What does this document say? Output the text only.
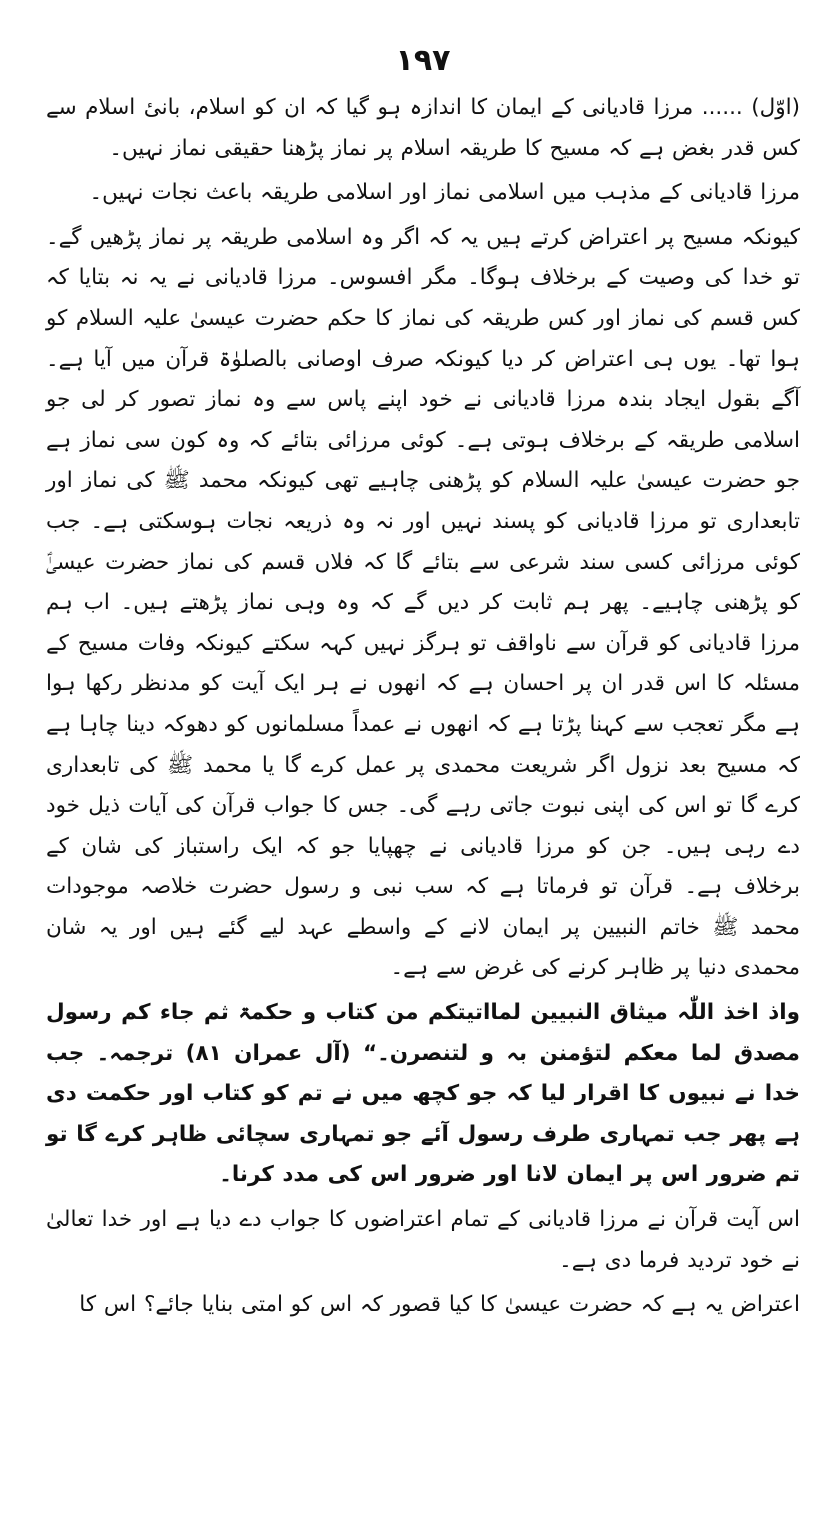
۱۹۷

(اوّل) ...... مرزا قادیانی کے ایمان کا اندازہ ہو گیا کہ ان کو اسلام، بانیٔ اسلام سے کس قدر بغض ہے کہ مسیح کا طریقہ اسلام پر نماز پڑھنا حقیقی نماز نہیں۔

مرزا قادیانی کے مذہب میں اسلامی نماز اور اسلامی طریقہ باعث نجات نہیں۔

کیونکہ مسیح پر اعتراض کرتے ہیں یہ کہ اگر وہ اسلامی طریقہ پر نماز پڑھیں گے۔ تو خدا کی وصیت کے برخلاف ہوگا۔ مگر افسوس۔ مرزا قادیانی نے یہ نہ بتایا کہ کس قسم کی نماز اور کس طریقہ کی نماز کا حکم حضرت عیسیٰ علیہ السلام کو ہوا تھا۔ یوں ہی اعتراض کر دیا کیونکہ صرف اوصانی بالصلوٰۃ قرآن میں آیا ہے۔ آگے بقول ایجاد بندہ مرزا قادیانی نے خود اپنے پاس سے وہ نماز تصور کر لی جو اسلامی طریقہ کے برخلاف ہوتی ہے۔ کوئی مرزائی بتائے کہ وہ کون سی نماز ہے جو حضرت عیسیٰ علیہ السلام کو پڑھنی چاہیے تھی کیونکہ محمد ﷺ کی نماز اور تابعداری تو مرزا قادیانی کو پسند نہیں اور نہ وہ ذریعہ نجات ہوسکتی ہے۔ جب کوئی مرزائی کسی سند شرعی سے بتائے گا کہ فلاں قسم کی نماز حضرت عیسیٰؑ کو پڑھنی چاہیے۔ پھر ہم ثابت کر دیں گے کہ وہ وہی نماز پڑھتے ہیں۔ اب ہم مرزا قادیانی کو قرآن سے ناواقف تو ہرگز نہیں کہہ سکتے کیونکہ وفات مسیح کے مسئلہ کا اس قدر ان پر احسان ہے کہ انھوں نے ہر ایک آیت کو مدنظر رکھا ہوا ہے مگر تعجب سے کہنا پڑتا ہے کہ انھوں نے عمداً مسلمانوں کو دھوکہ دینا چاہا ہے کہ مسیح بعد نزول اگر شریعت محمدی پر عمل کرے گا یا محمد ﷺ کی تابعداری کرے گا تو اس کی اپنی نبوت جاتی رہے گی۔ جس کا جواب قرآن کی آیات ذیل خود دے رہی ہیں۔ جن کو مرزا قادیانی نے چھپایا جو کہ ایک راستباز کی شان کے برخلاف ہے۔ قرآن تو فرماتا ہے کہ سب نبی و رسول حضرت خلاصہ موجودات محمد ﷺ خاتم النبیین پر ایمان لانے کے واسطے عہد لیے گئے ہیں اور یہ شان محمدی دنیا پر ظاہر کرنے کی غرض سے ہے۔

واذ اخذ اللّٰہ میثاق النبیین لمااتیتکم من کتاب و حکمۃ ثم جاء کم رسول مصدق لما معکم لتؤمنن بہ و لتنصرن۔“ (آل عمران ۸۱) ترجمہ۔ جب خدا نے نبیوں کا اقرار لیا کہ جو کچھ میں نے تم کو کتاب اور حکمت دی ہے پھر جب تمہاری طرف رسول آئے جو تمہاری سچائی ظاہر کرے گا تو تم ضرور اس پر ایمان لانا اور ضرور اس کی مدد کرنا۔

اس آیت قرآن نے مرزا قادیانی کے تمام اعتراضوں کا جواب دے دیا ہے اور خدا تعالیٰ نے خود تردید فرما دی ہے۔

اعتراض یہ ہے کہ حضرت عیسیٰ کا کیا قصور کہ اس کو امتی بنایا جائے؟ اس کا
